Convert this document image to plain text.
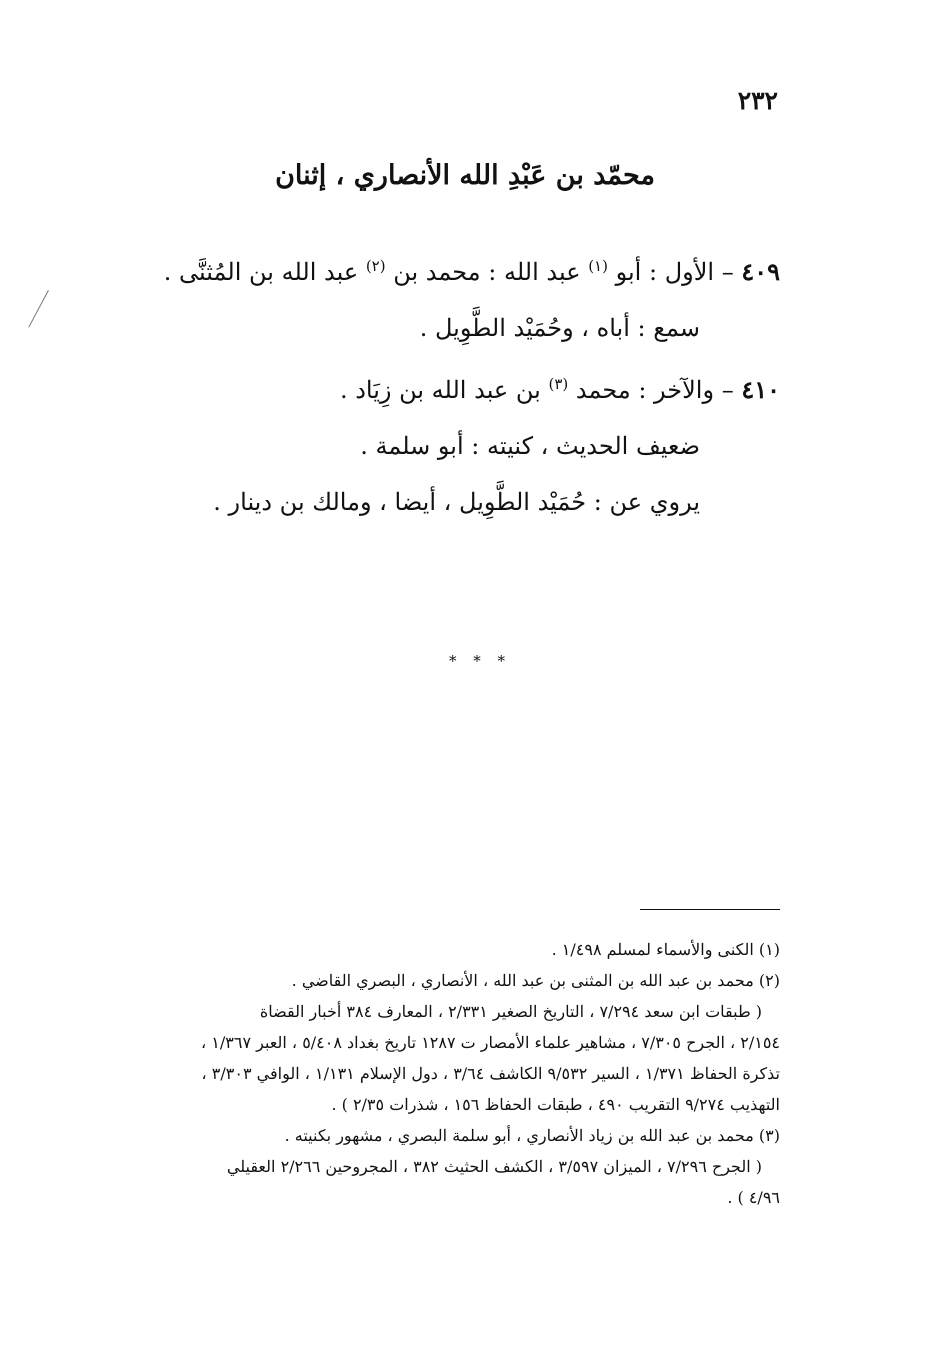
٢٣٢
محمّد بن عَبْدِ الله الأنصاري ، إثنان
٤٠٩ – الأول : أبو $^{(١)}$ عبد الله : محمد بن $^{(٢)}$ عبد الله بن المُثنَّى .
سمع : أباه ، وحُمَيْد الطَّوِيل .
٤١٠ – والآخر : محمد $^{(٣)}$ بن عبد الله بن زِيَاد .
ضعيف الحديث ، كنيته : أبو سلمة .
يروي عن : حُمَيْد الطَّوِيل ، أيضا ، ومالك بن دينار .
* * *
(١) الكنى والأسماء لمسلم ١/٤٩٨ .
(٢) محمد بن عبد الله بن المثنى بن عبد الله ، الأنصاري ، البصري القاضي .
( طبقات ابن سعد ٧/٢٩٤ ، التاريخ الصغير ٢/٣٣١ ، المعارف ٣٨٤ أخبار القضاة
٢/١٥٤ ، الجرح ٧/٣٠٥ ، مشاهير علماء الأمصار ت ١٢٨٧ تاريخ بغداد ٥/٤٠٨ ، العبر ١/٣٦٧ ،
تذكرة الحفاظ ١/٣٧١ ، السير ٩/٥٣٢ الكاشف ٣/٦٤ ، دول الإسلام ١/١٣١ ، الوافي ٣/٣٠٣ ،
التهذيب ٩/٢٧٤ التقريب ٤٩٠ ، طبقات الحفاظ ١٥٦ ، شذرات ٢/٣٥ ) .
(٣) محمد بن عبد الله بن زياد الأنصاري ، أبو سلمة البصري ، مشهور بكنيته .
( الجرح ٧/٢٩٦ ، الميزان ٣/٥٩٧ ، الكشف الحثيث ٣٨٢ ، المجروحين ٢/٢٦٦ العقيلي
٤/٩٦ ) .
